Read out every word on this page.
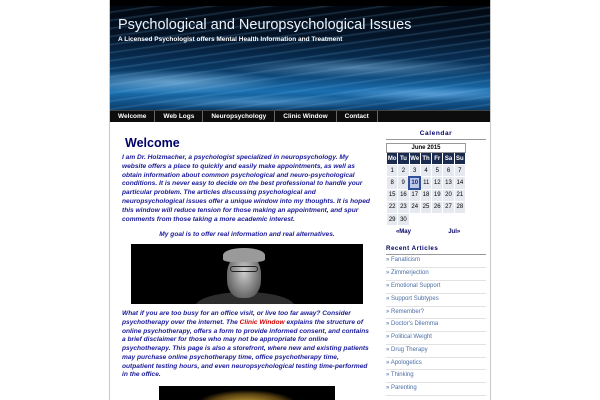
Psychological and Neuropsychological Issues
A Licensed Psychologist offers Mental Health Information and Treatment
Welcome	Web Logs	Neuropsychology	Clinic Window	Contact
Welcome

I am Dr. Holzmacher, a psychologist specialized in neuropsychology. My website offers a place to quickly and easily make appointments, as well as obtain information about common psychological and neuro-psychological conditions. It is never easy to decide on the best professional to handle your particular problem. The articles discussing psychological and neuropsychological issues offer a unique window into my thoughts. It is hoped this window will reduce tension for those making an appointment, and spur comments from those taking a more academic interest.

My goal is to offer real information and real alternatives.

What if you are too busy for an office visit, or live too far away? Consider psychotherapy over the internet. The Clinic Window explains the structure of online psychotherapy, offers a form to provide informed consent, and contains a brief disclaimer for those who may not be appropriate for online psychotherapy. This page is also a storefront, where new and existing patients may purchase online psychotherapy time, office psychotherapy time, outpatient testing hours, and even neuropsychological testing time-performed in the office.

Calendar
June 2015						
Mo	Tu	We	Th	Fr	Sa	Su
1	2	3	4	5	6	7
8	9	10	11	12	13	14
15	16	17	18	19	20	21
22	23	24	25	26	27	28
29	30					
«May					Jul»	
Recent Articles
» Fanaticism
» Zimmerjection
» Emotional Support
» Support Subtypes
» Remember?
» Doctor's Dilemma
» Political Weight
» Drug Therapy
» Apologetics
» Thinking
» Parenting
